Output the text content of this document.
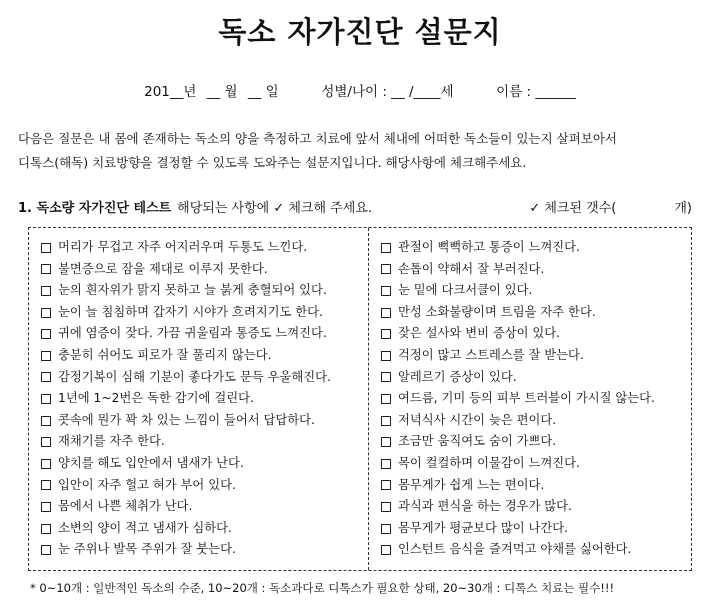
독소 자가진단 설문지
201__년 __ 월 __ 일	성별/나이 : __ /____세	이름 : ______
다음은 질문은 내 몸에 존재하는 독소의 양을 측정하고 치료에 앞서 체내에 어떠한 독소들이 있는지 살펴보아서
디톡스(해독) 치료방향을 결정할 수 있도록 도와주는 설문지입니다. 해당사항에 체크해주세요.
1. 독소량 자가진단 테스트 해당되는 사항에 ✓ 체크해 주세요.	✓ 체크된 갯수(	개)
머리가 무겁고 자주 어지러우며 두통도 느낀다.
불면증으로 잠을 제대로 이루지 못한다.
눈의 흰자위가 맑지 못하고 늘 붉게 충혈되어 있다.
눈이 늘 침침하며 갑자기 시야가 흐려지기도 한다.
귀에 염증이 잦다. 가끔 귀울림과 통증도 느껴진다.
충분히 쉬어도 피로가 잘 풀리지 않는다.
감정기복이 심해 기분이 좋다가도 문득 우울해진다.
1년에 1~2번은 독한 감기에 걸린다.
콧속에 뭔가 꽉 차 있는 느낌이 들어서 답답하다.
재채기를 자주 한다.
양치를 해도 입안에서 냄새가 난다.
입안이 자주 헐고 혀가 부어 있다.
몸에서 나쁜 체취가 난다.
소변의 양이 적고 냄새가 심하다.
눈 주위나 발목 주위가 잘 붓는다.
관절이 뻑뻑하고 통증이 느껴진다.
손톱이 약해서 잘 부러진다.
눈 밑에 다크서클이 있다.
만성 소화불량이며 트림을 자주 한다.
잦은 설사와 변비 증상이 있다.
걱정이 많고 스트레스를 잘 받는다.
알레르기 증상이 있다.
여드름, 기미 등의 피부 트러블이 가시질 않는다.
저녁식사 시간이 늦은 편이다.
조금만 움직여도 숨이 가쁘다.
목이 컬컬하며 이물감이 느껴진다.
몸무게가 쉽게 느는 편이다.
과식과 편식을 하는 경우가 많다.
몸무게가 평균보다 많이 나간다.
인스턴트 음식을 즐겨먹고 야채를 싫어한다.
* 0~10개 : 일반적인 독소의 수준, 10~20개 : 독소과다로 디톡스가 필요한 상태, 20~30개 : 디톡스 치료는 필수!!!
